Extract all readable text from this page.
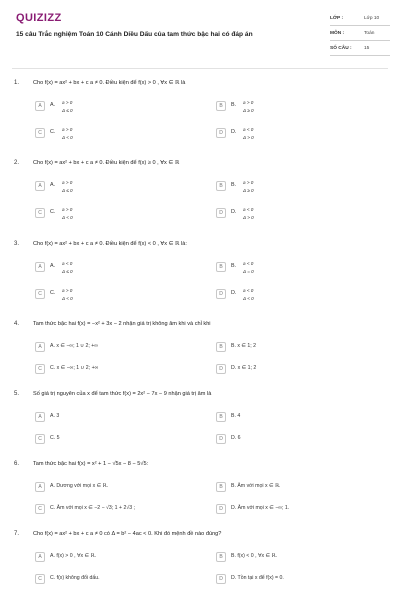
QUIZIZZ
15 câu Trắc nghiệm Toán 10 Cánh Diều Dấu của tam thức bậc hai có đáp án
LỚP :	Lớp 10
MÔN :	Toán
SỐ CÂU :	15
1. Cho f(x) = ax² + bx + c a ≠ 0. Điều kiện để f(x) > 0 , ∀x ∈ ℝ là
A	A. a > 0
Δ ≤ 0
B	B. a > 0
Δ ≥ 0
C	C. a > 0
Δ < 0
D	D. a < 0
Δ > 0
2. Cho f(x) = ax² + bx + c a ≠ 0. Điều kiện để f(x) ≥ 0 , ∀x ∈ ℝ
A	A. a > 0
Δ ≤ 0
B	B. a > 0
Δ ≥ 0
C	C. a > 0
Δ < 0
D	D. a < 0
Δ > 0
3. Cho f(x) = ax² + bx + c a ≠ 0. Điều kiện để f(x) < 0 , ∀x ∈ ℝ là:
A	A. a < 0
Δ ≤ 0
B	B. a < 0
Δ = 0
C	C. a > 0
Δ < 0
D	D. a < 0
Δ < 0
4. Tam thức bậc hai f(x) = −x² + 3x − 2 nhận giá trị không âm khi và chỉ khi
A	A. x ∈ −∞; 1 ∪ 2; +∞	B	B. x ∈ 1; 2
C	C. x ∈ −∞; 1 ∪ 2; +∞	D	D. x ∈ 1; 2
5. Số giá trị nguyên của x để tam thức f(x) = 2x² − 7x − 9 nhận giá trị âm là
A	A. 3	B	B. 4
C	C. 5	D	D. 6
6. Tam thức bậc hai f(x) = x² + 1 − √5x − 8 − 5√5:
A	A. Dương với mọi x ∈ ℝ.	B	B. Âm với mọi x ∈ ℝ.
C	C. Âm với mọi x ∈ −2 − √3; 1 + 2√3 ;	D	D. Âm với mọi x ∈ −∞; 1.
7. Cho f(x) = ax² + bx + c a ≠ 0 có Δ = b² − 4ac < 0. Khi đó mệnh đề nào đúng?
A	A. f(x) > 0 , ∀x ∈ ℝ.	B	B. f(x) < 0 , ∀x ∈ ℝ.
C	C. f(x) không đổi dấu.	D	D. Tồn tại x để f(x) = 0.
